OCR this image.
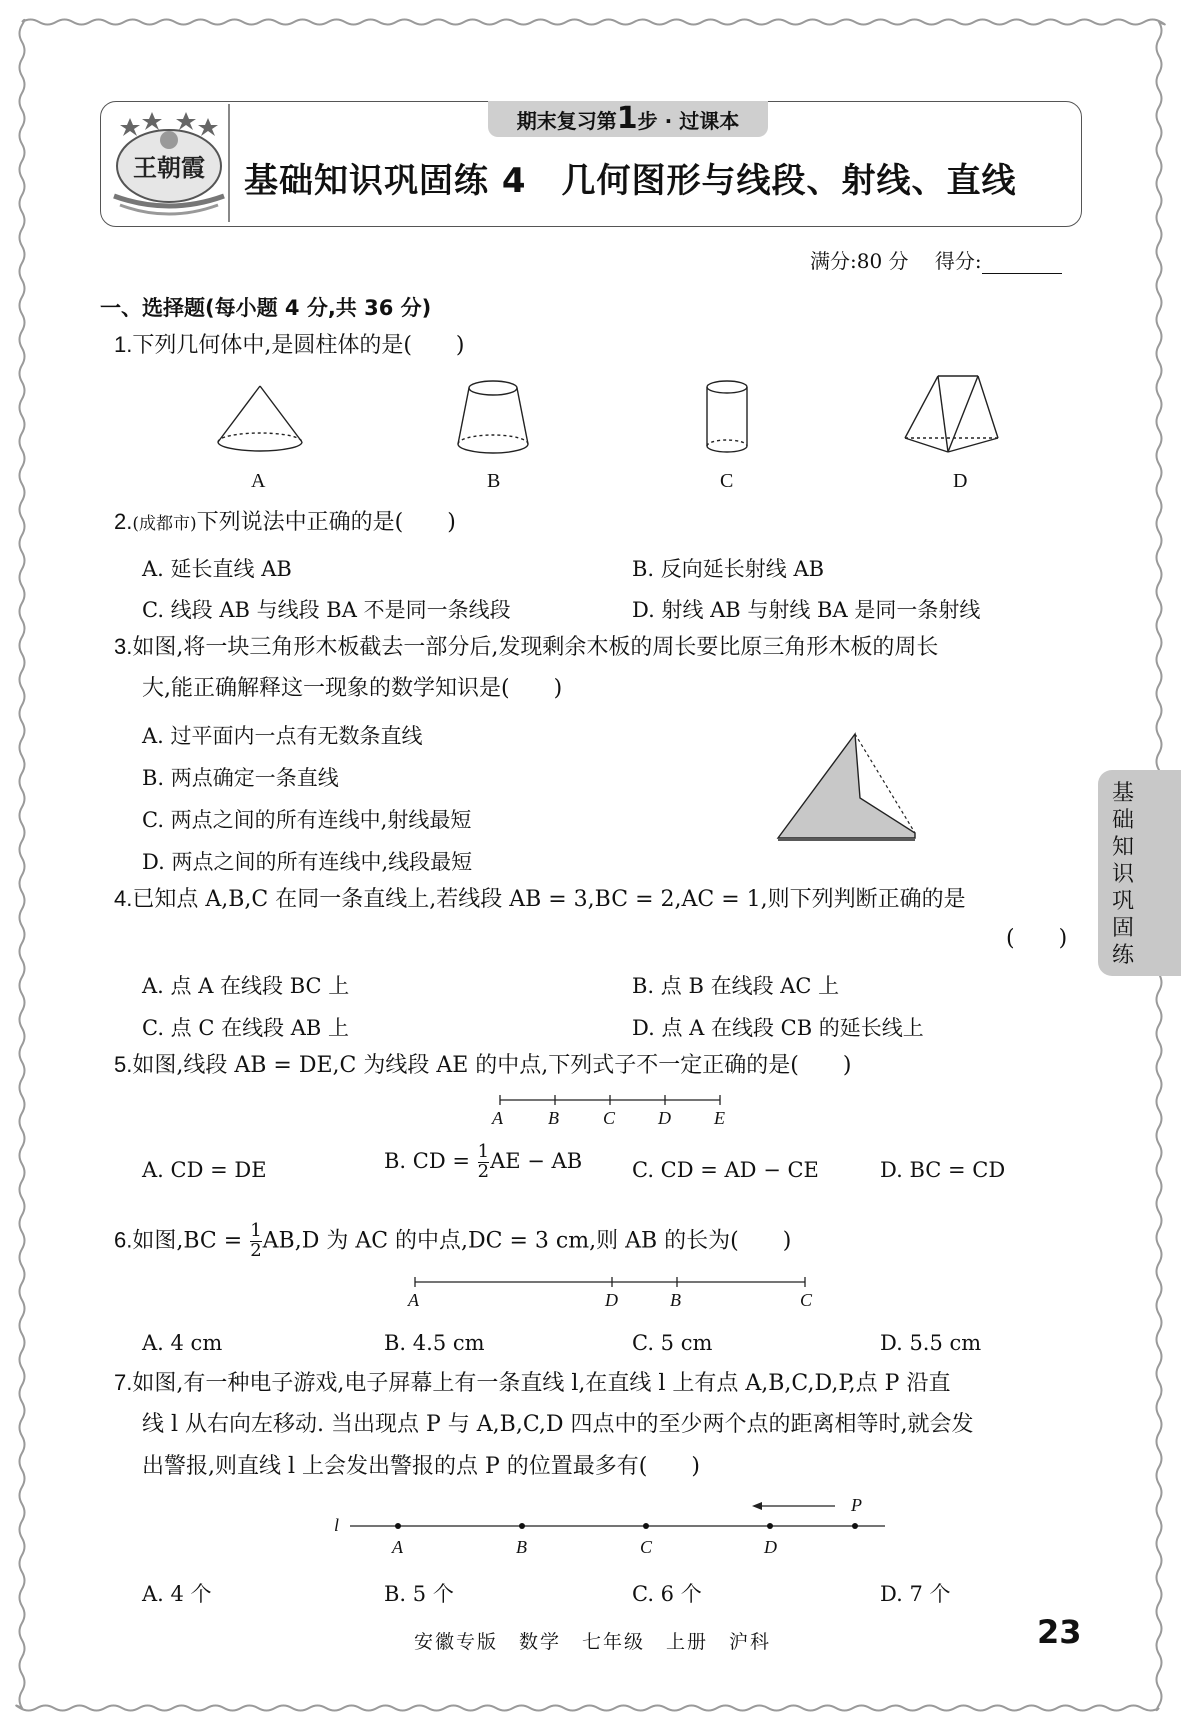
王朝霞
期末复习第1步 · 过课本
基础知识巩固练 4　几何图形与线段、射线、直线
满分:80 分　 得分:
一、选择题(每小题 4 分,共 36 分)
1.下列几何体中,是圆柱体的是(　　)
A	B	C	D
2.(成都市)下列说法中正确的是(　　)
A. 延长直线 AB	B. 反向延长射线 AB
C. 线段 AB 与线段 BA 不是同一条线段	D. 射线 AB 与射线 BA 是同一条射线
3.如图,将一块三角形木板截去一部分后,发现剩余木板的周长要比原三角形木板的周长
大,能正确解释这一现象的数学知识是(　　)
A. 过平面内一点有无数条直线
B. 两点确定一条直线
C. 两点之间的所有连线中,射线最短
D. 两点之间的所有连线中,线段最短
4.已知点 A,B,C 在同一条直线上,若线段 AB = 3,BC = 2,AC = 1,则下列判断正确的是
(　　)
A. 点 A 在线段 BC 上	B. 点 B 在线段 AC 上
C. 点 C 在线段 AB 上	D. 点 A 在线段 CB 的延长线上
5.如图,线段 AB = DE,C 为线段 AE 的中点,下列式子不一定正确的是(　　)
A	B C D E
A. CD = DE	B. CD = $\frac{1}{2}$ AE − AB C. CD = AD − CE	D. BC = CD
6.如图$,BC = \frac{1}{2} AB,D$ 为 AC 的中点,DC = 3 cm,则 AB 的长为(　　)
A	D	B	C
A. 4 cm	B. 4.5 cm	C. 5 cm	D. 5.5 cm
7.如图,有一种电子游戏,电子屏幕上有一条直线 l,在直线 l 上有点 A,B,C,D,P,点 P 沿直
线 l 从右向左移动. 当出现点 P 与 A,B,C,D 四点中的至少两个点的距离相等时,就会发
出警报,则直线 l 上会发出警报的点 P 的位置最多有(　　)
l
A	B	C	D
P
A. 4 个	B. 5 个	C. 6 个	D. 7 个
基础知识巩固练
安徽专版　数学　七年级　上册　沪科	23
